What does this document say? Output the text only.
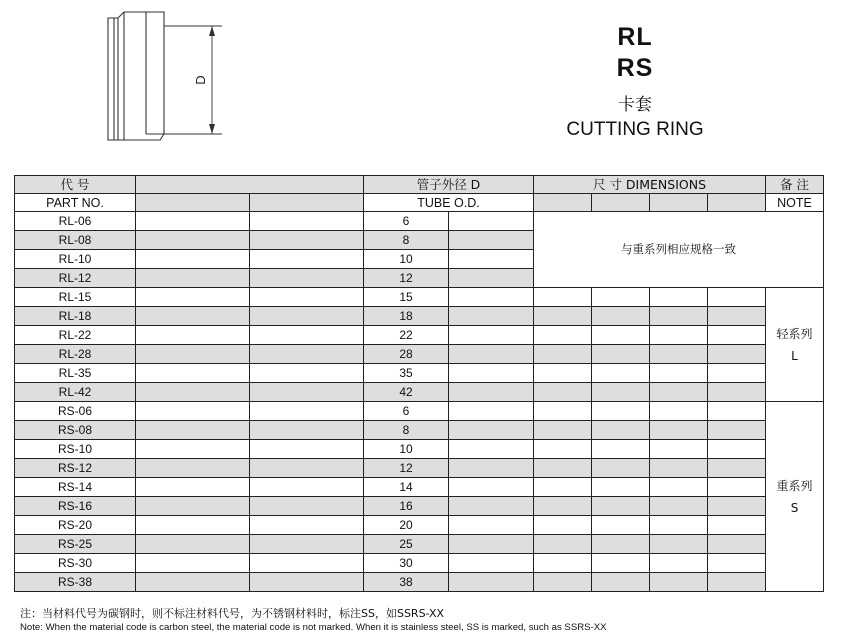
D
RL
RS
卡套
CUTTING RING
代 号			管子外径 D		尺 寸 DIMENSIONS				备 注
PART NO.			TUBE O.D.						NOTE
RL-06			6		与重系列相应规格一致				
RL-08			8						
RL-10			10						
RL-12			12						
RL-15			15						轻系列
L

RL-18			18						
RL-22			22						
RL-28			28						
RL-35			35						
RL-42			42						
RS-06			6						重系列
S

RS-08			8						
RS-10			10						
RS-12			12						
RS-14			14						
RS-16			16						
RS-20			20						
RS-25			25						
RS-30			30						
RS-38			38						
注：当材料代号为碳钢时，则不标注材料代号，为不锈钢材料时，标注SS，如SSRS-XX
Note: When the material code is carbon steel, the material code is not marked. When it is stainless steel, SS is marked, such as SSRS-XX
